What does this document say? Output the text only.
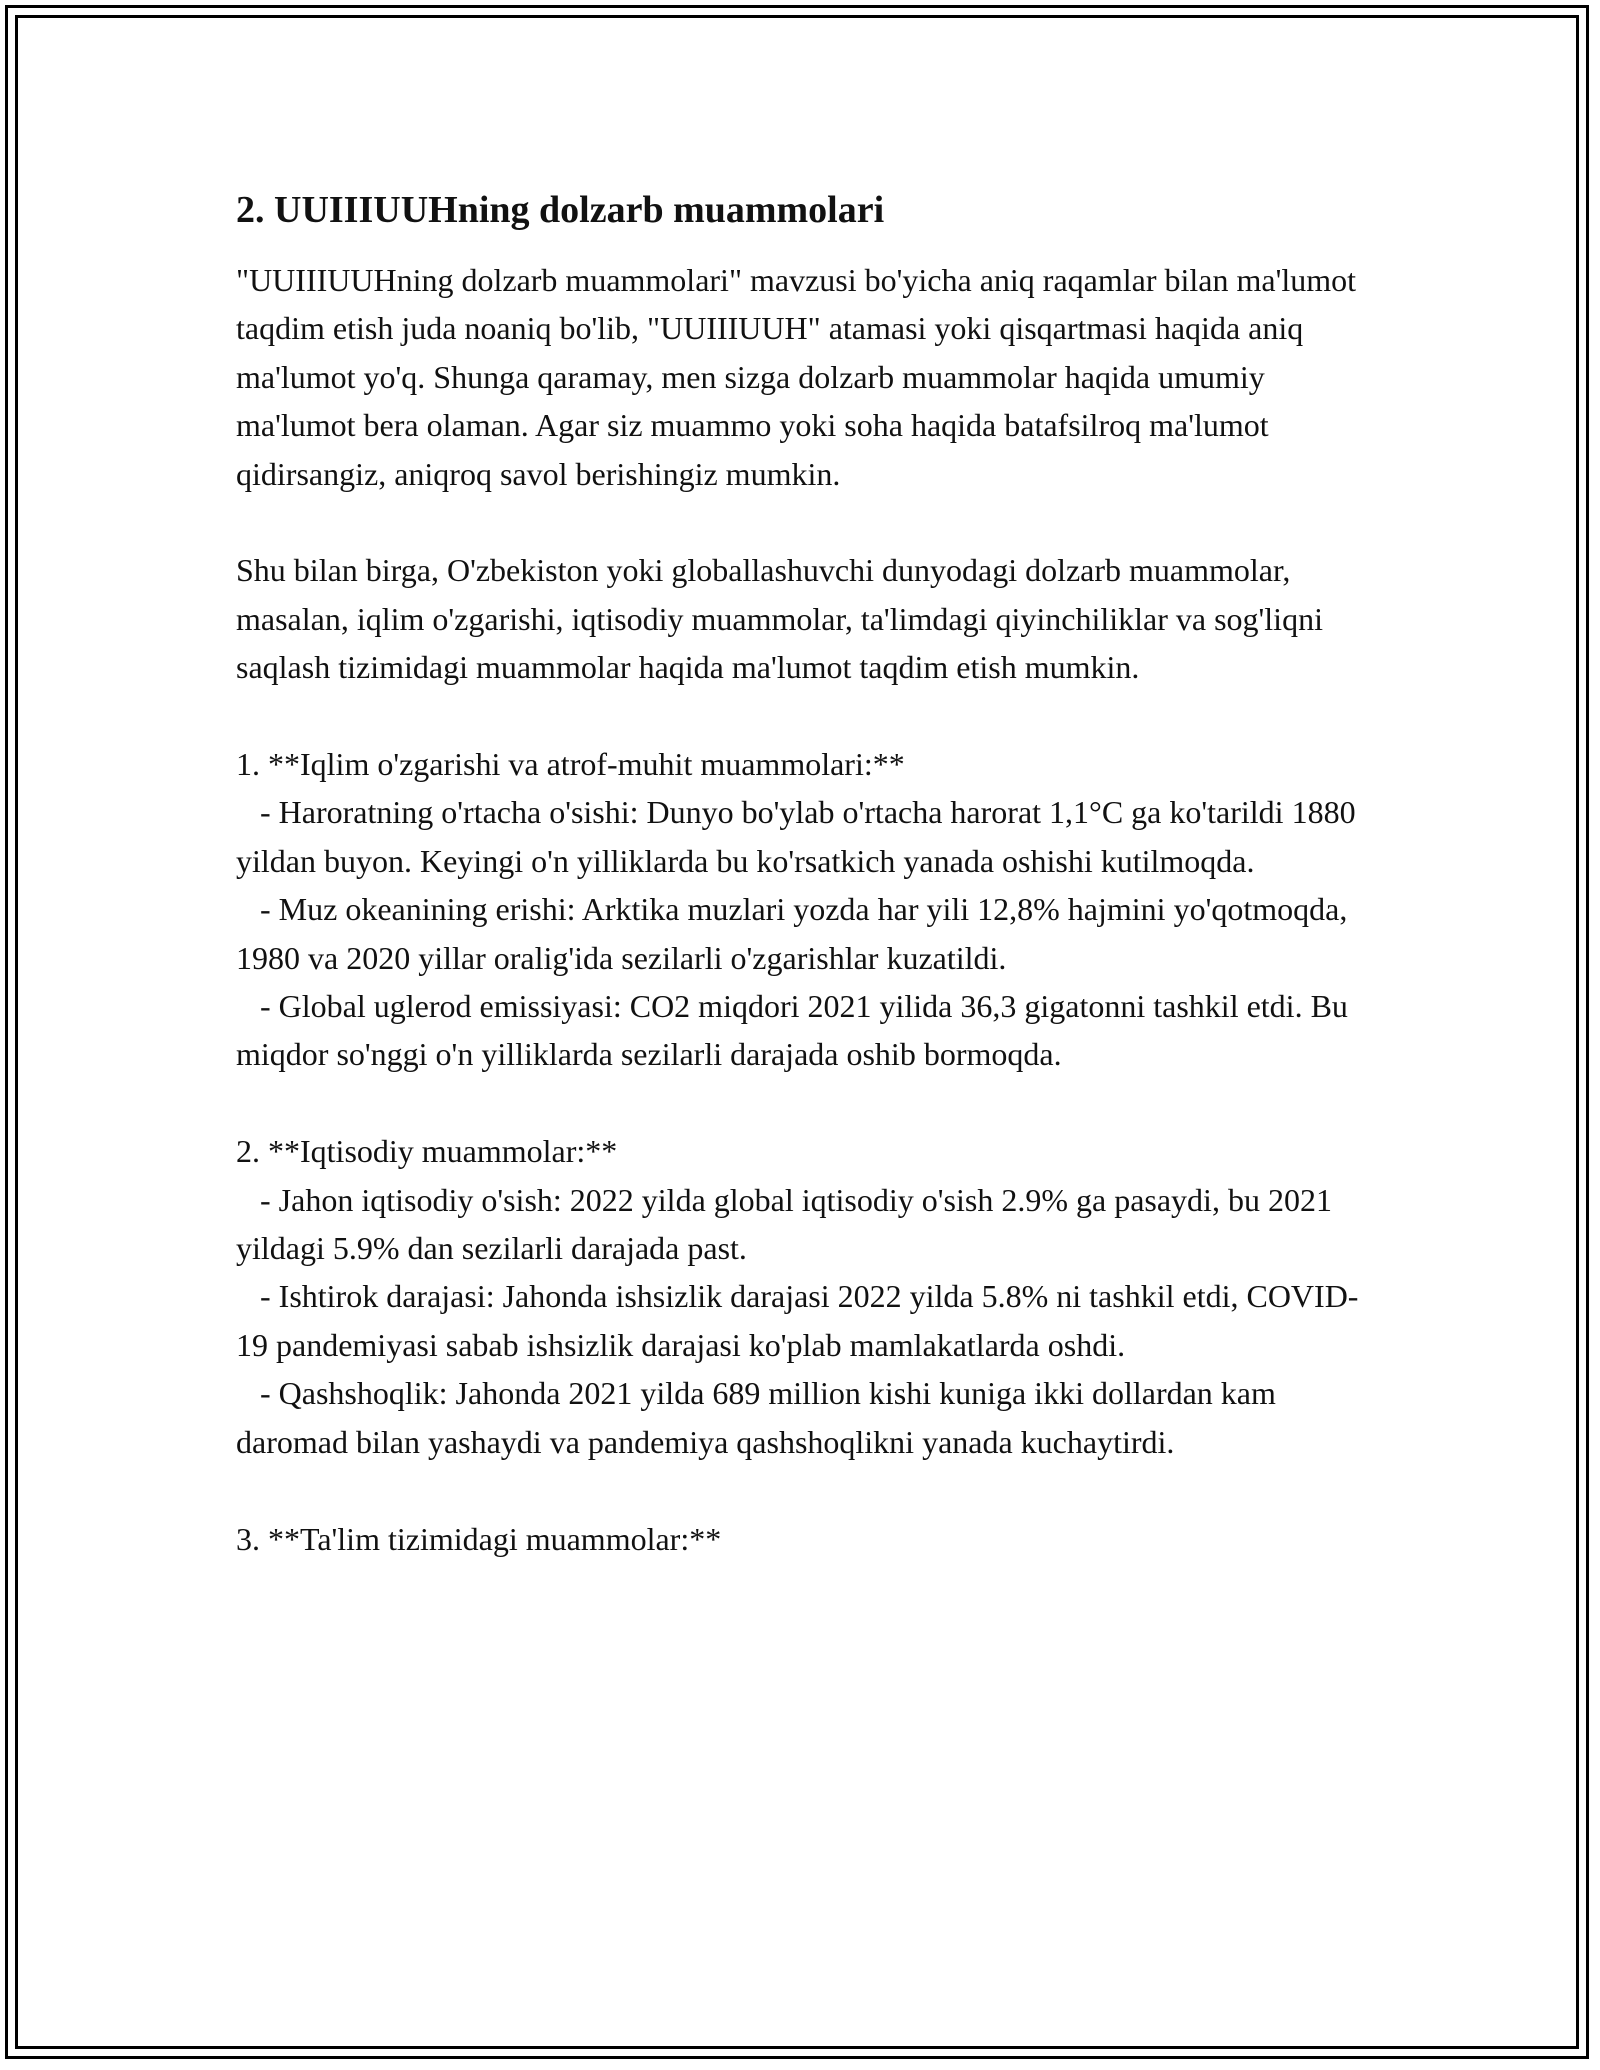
2. UUIIIUUHning dolzarb muammolari

"UUIIIUUHning dolzarb muammolari" mavzusi bo'yicha aniq raqamlar bilan ma'lumot taqdim etish juda noaniq bo'lib, "UUIIIUUH" atamasi yoki qisqartmasi haqida aniq ma'lumot yo'q. Shunga qaramay, men sizga dolzarb muammolar haqida umumiy ma'lumot bera olaman. Agar siz muammo yoki soha haqida batafsilroq ma'lumot qidirsangiz, aniqroq savol berishingiz mumkin.

Shu bilan birga, O'zbekiston yoki globallashuvchi dunyodagi dolzarb muammolar, masalan, iqlim o'zgarishi, iqtisodiy muammolar, ta'limdagi qiyinchiliklar va sog'liqni saqlash tizimidagi muammolar haqida ma'lumot taqdim etish mumkin.

1. **Iqlim o'zgarishi va atrof-muhit muammolari:**
- Haroratning o'rtacha o'sishi: Dunyo bo'ylab o'rtacha harorat 1,1°C ga ko'tarildi 1880 yildan buyon. Keyingi o'n yilliklarda bu ko'rsatkich yanada oshishi kutilmoqda.
- Muz okeanining erishi: Arktika muzlari yozda har yili 12,8% hajmini yo'qotmoqda, 1980 va 2020 yillar oralig'ida sezilarli o'zgarishlar kuzatildi.
- Global uglerod emissiyasi: CO2 miqdori 2021 yilida 36,3 gigatonni tashkil etdi. Bu miqdor so'nggi o'n yilliklarda sezilarli darajada oshib bormoqda.

2. **Iqtisodiy muammolar:**
- Jahon iqtisodiy o'sish: 2022 yilda global iqtisodiy o'sish 2.9% ga pasaydi, bu 2021 yildagi 5.9% dan sezilarli darajada past.
- Ishtirok darajasi: Jahonda ishsizlik darajasi 2022 yilda 5.8% ni tashkil etdi, COVID-19 pandemiyasi sabab ishsizlik darajasi ko'plab mamlakatlarda oshdi.
- Qashshoqlik: Jahonda 2021 yilda 689 million kishi kuniga ikki dollardan kam daromad bilan yashaydi va pandemiya qashshoqlikni yanada kuchaytirdi.

3. **Ta'lim tizimidagi muammolar:**
